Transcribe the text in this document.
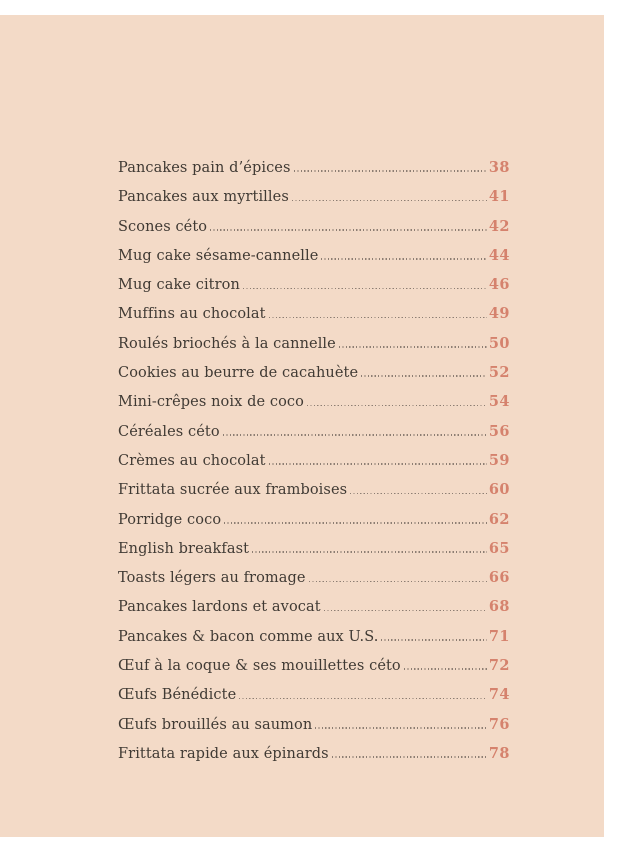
Pancakes pain d’épices	38
Pancakes aux myrtilles	41
Scones céto	42
Mug cake sésame-cannelle	44
Mug cake citron	46
Muffins au chocolat	49
Roulés briochés à la cannelle	50
Cookies au beurre de cacahuète	52
Mini-crêpes noix de coco	54
Céréales céto	56
Crèmes au chocolat	59
Frittata sucrée aux framboises	60
Porridge coco	62
English breakfast	65
Toasts légers au fromage	66
Pancakes lardons et avocat	68
Pancakes & bacon comme aux U.S.	71
Œuf à la coque & ses mouillettes céto	72
Œufs Bénédicte	74
Œufs brouillés au saumon	76
Frittata rapide aux épinards	78
